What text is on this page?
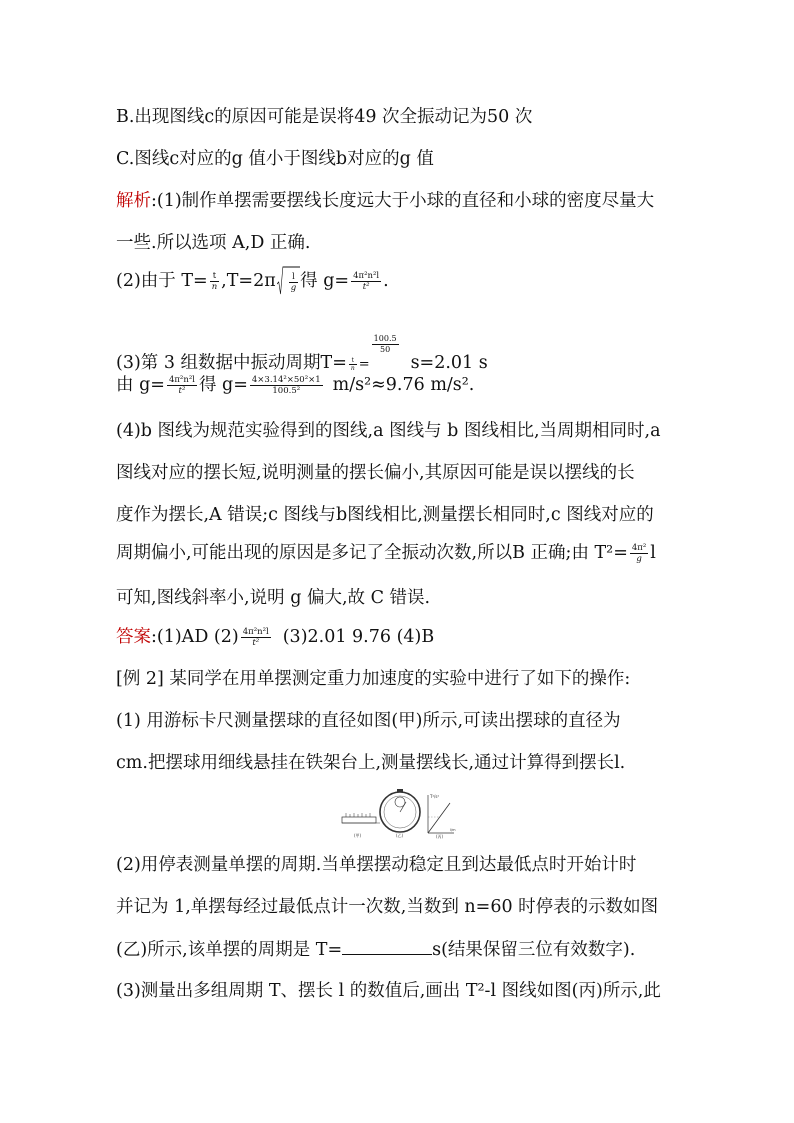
B.出现图线c的原因可能是误将49 次全振动记为50 次
C.图线c对应的g 值小于图线b对应的g 值
解析:(1)制作单摆需要摆线长度远大于小球的直径和小球的密度尽量大
一些.所以选项 A,D 正确.
(2)由于 $T= \frac{t}{n} ,T=2\pi \frac{l}{g}$ 得 $g= \frac{\text{4π²n²l}}{\text{t²}}$ .
(3)第 3 组数据中振动周期$T= \frac{t}{n}$ =
$\frac{100.5}{50}$
s=2.01 s
由 $g= \frac{\text{4π²n²l}}{\text{t²}}$ 得 $g= \frac{\text{4×3.14²×50²×1}}{\text{100.5²}} m/s^2\approx 9.76$ m/s².
(4)b 图线为规范实验得到的图线,a 图线与 b 图线相比,当周期相同时,a
图线对应的摆长短,说明测量的摆长偏小,其原因可能是误以摆线的长
度作为摆长,A 错误;c 图线与b图线相比,测量摆长相同时,c 图线对应的
周期偏小,可能出现的原因是多记了全振动次数,所以B 正确;由 $T^2= \frac{\text{4π²}}{g}$ l
可知,图线斜率小,说明 g 偏大,故 C 错误.
答案:(1)AD $(2) \frac{\text{4π²n²l}}{\text{t²}} (3)2.01$ 9.76 (4)B
[例 2] 某同学在用单摆测定重力加速度的实验中进行了如下的操作:
(1) 用游标卡尺测量摆球的直径如图(甲)所示,可读出摆球的直径为
cm.把摆球用细线悬挂在铁架台上,测量摆线长,通过计算得到摆长l.
T²/s²
l/m
(甲)	(乙)	(丙)
(2)用停表测量单摆的周期.当单摆摆动稳定且到达最低点时开始计时
并记为 1,单摆每经过最低点计一次数,当数到 n=60 时停表的示数如图
(乙)所示,该单摆的周期是 T=	s(结果保留三位有效数字).
(3)测量出多组周期 T、摆长 l 的数值后,画出 T²-l 图线如图(丙)所示,此
